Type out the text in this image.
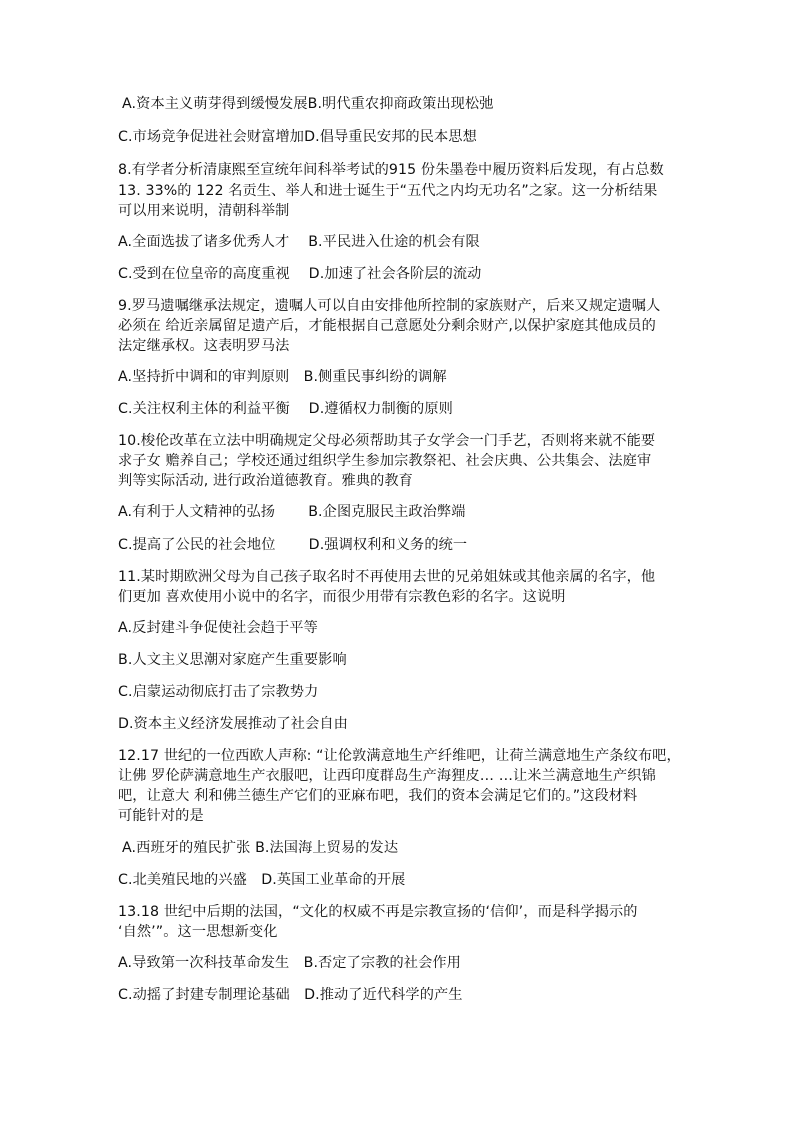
A.资本主义萌芽得到缓慢发展B.明代重农抑商政策出现松弛
C.市场竞争促进社会财富增加D.倡导重民安邦的民本思想
8.有学者分析清康熙至宣统年间科举考试的915 份朱墨卷中履历资料后发现，有占总数
13. 33%的 122 名贡生、举人和进士诞生于“五代之内均无功名”之家。这一分析结果
可以用来说明，清朝科举制
A.全面选拔了诸多优秀人才　 B.平民进入仕途的机会有限
C.受到在位皇帝的高度重视　 D.加速了社会各阶层的流动
9.罗马遗嘱继承法规定，遗嘱人可以自由安排他所控制的家族财产，后来又规定遗嘱人
必须在 给近亲属留足遗产后，才能根据自己意愿处分剩余财产,以保护家庭其他成员的
法定继承权。这表明罗马法
A.坚持折中调和的审判原则　B.侧重民事纠纷的调解
C.关注权利主体的利益平衡　 D.遵循权力制衡的原则
10.梭伦改革在立法中明确规定父母必须帮助其子女学会一门手艺，否则将来就不能要
求子女 赡养自己；学校还通过组织学生参加宗教祭祀、社会庆典、公共集会、法庭审
判等实际活动, 进行政治道德教育。雅典的教育
A.有利于人文精神的弘扬　　 B.企图克服民主政治弊端
C.提高了公民的社会地位　　 D.强调权利和义务的统一
11.某时期欧洲父母为自己孩子取名时不再使用去世的兄弟姐妹或其他亲属的名字，他
们更加 喜欢使用小说中的名字，而很少用带有宗教色彩的名字。这说明
A.反封建斗争促使社会趋于平等
B.人文主义思潮对家庭产生重要影响
C.启蒙运动彻底打击了宗教势力
D.资本主义经济发展推动了社会自由
12.17 世纪的一位西欧人声称: “让伦敦满意地生产纤维吧，让荷兰满意地生产条纹布吧，
让佛 罗伦萨满意地生产衣服吧，让西印度群岛生产海狸皮… …让米兰满意地生产织锦
吧，让意大 利和佛兰德生产它们的亚麻布吧，我们的资本会满足它们的。”这段材料
可能针对的是
A.西班牙的殖民扩张 B.法国海上贸易的发达
C.北美殖民地的兴盛　D.英国工业革命的开展
13.18 世纪中后期的法国，“文化的权威不再是宗教宣扬的‘信仰’，而是科学揭示的
‘自然’”。这一思想新变化
A.导致第一次科技革命发生　B.否定了宗教的社会作用
C.动摇了封建专制理论基础　D.推动了近代科学的产生
